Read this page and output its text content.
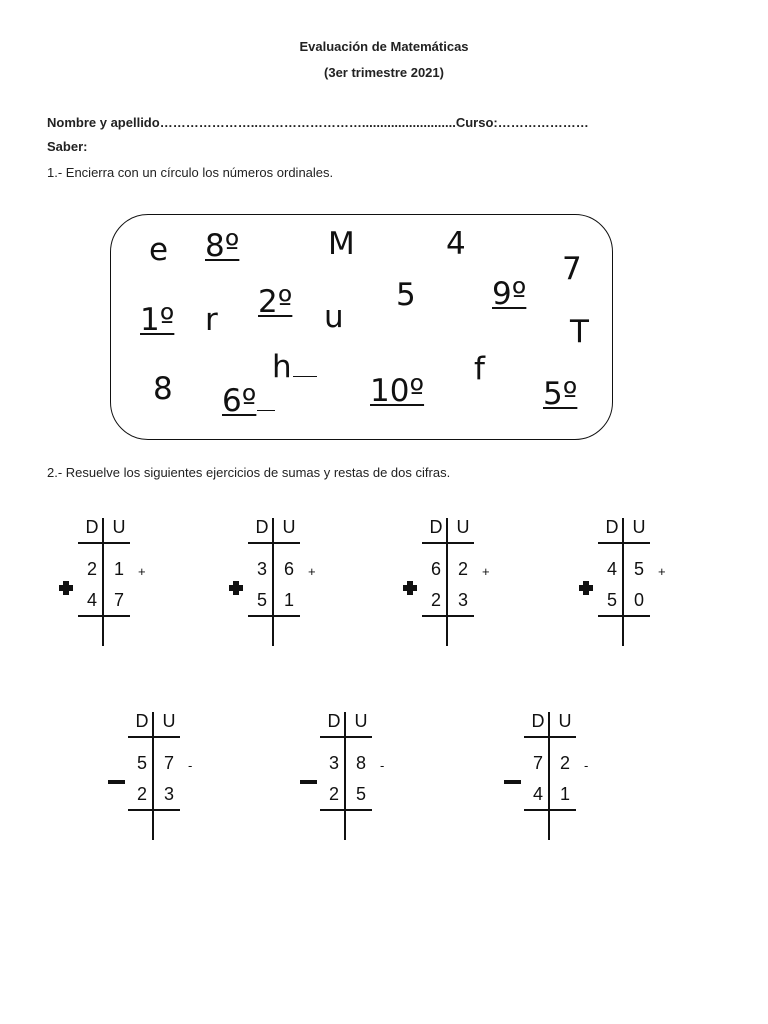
Evaluación de Matemáticas
(3er trimestre 2021)
Nombre y apellido…………………..……………………..........................Curso:…………………
Saber:
1.- Encierra con un círculo los números ordinales.
e 8º	M	4
7
1º r 2º u
5 9º
T
h	f
8 6º	10º	5º
2.- Resuelve los siguientes ejercicios de sumas y restas de dos cifras.
D U
2 1	+
4 7
D U
3 6	+
5 1
D U
6 2	+
2 3
D U
4 5	+
5 0
D U
5 7	-
2 3
D U
3 8	-
2 5
D U
7 2	-
4 1
